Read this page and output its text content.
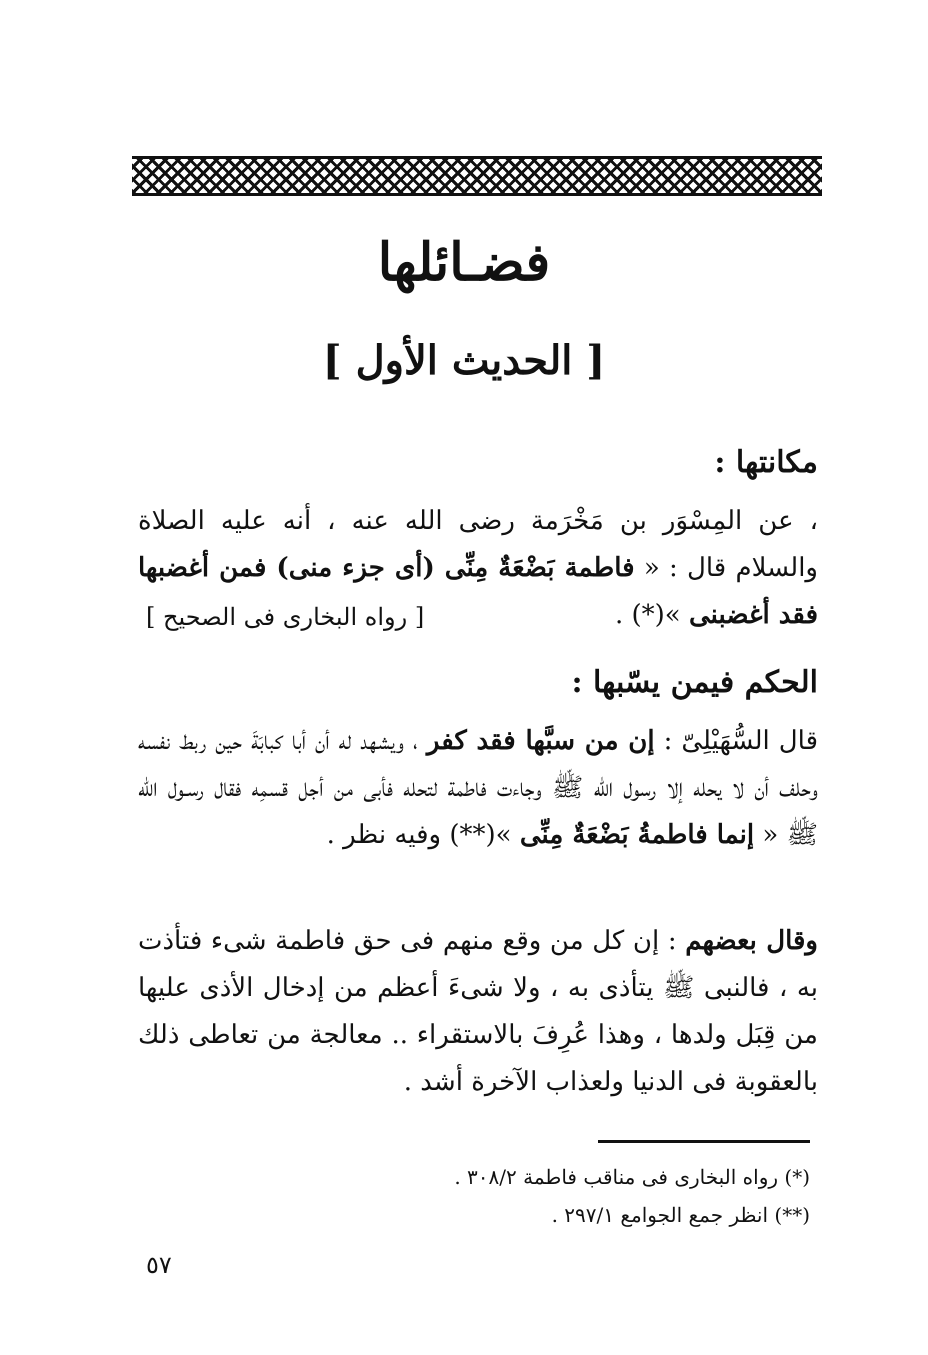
فضـائلها
[ الحديث الأول ]
مكانتها :
، عن المِسْوَر بن مَخْرَمة رضى الله عنه ، أنه عليه الصلاة والسلام قال : « فاطمة بَضْعَةٌ مِنِّى (أى جزء منى) فمن أغضبها فقد أغضبنى »(*) .
[ رواه البخارى فى الصحيح ]
الحكم فيمن يسّبها :
قال السُّهَيْلِىّ : إن من سبَّها فقد كفر ، ويشهد له أن أبا كبابَةَ حين ربط نفسه وحلف أن لا يحله إلا رسول الله ﷺ وجاءت فاطمة لتحله فأبى من أجل قسمِه فقال رسـول الله ﷺ « إنما فاطمةُ بَضْعَةٌ مِنِّى »(**) وفيه نظر .
وقال بعضهم : إن كل من وقع منهم فى حق فاطمة شىء فتأذت به ، فالنبى ﷺ يتأذى به ، ولا شىءَ أعظم من إدخال الأذى عليها من قِبَل ولدها ، وهذا عُرِفَ بالاستقراء .. معالجة من تعاطى ذلك بالعقوبة فى الدنيا ولعذاب الآخرة أشد .
(*) رواه البخارى فى مناقب فاطمة ٣٠٨/٢ .
(**) انظر جمع الجوامع ٢٩٧/١ .
٥٧
